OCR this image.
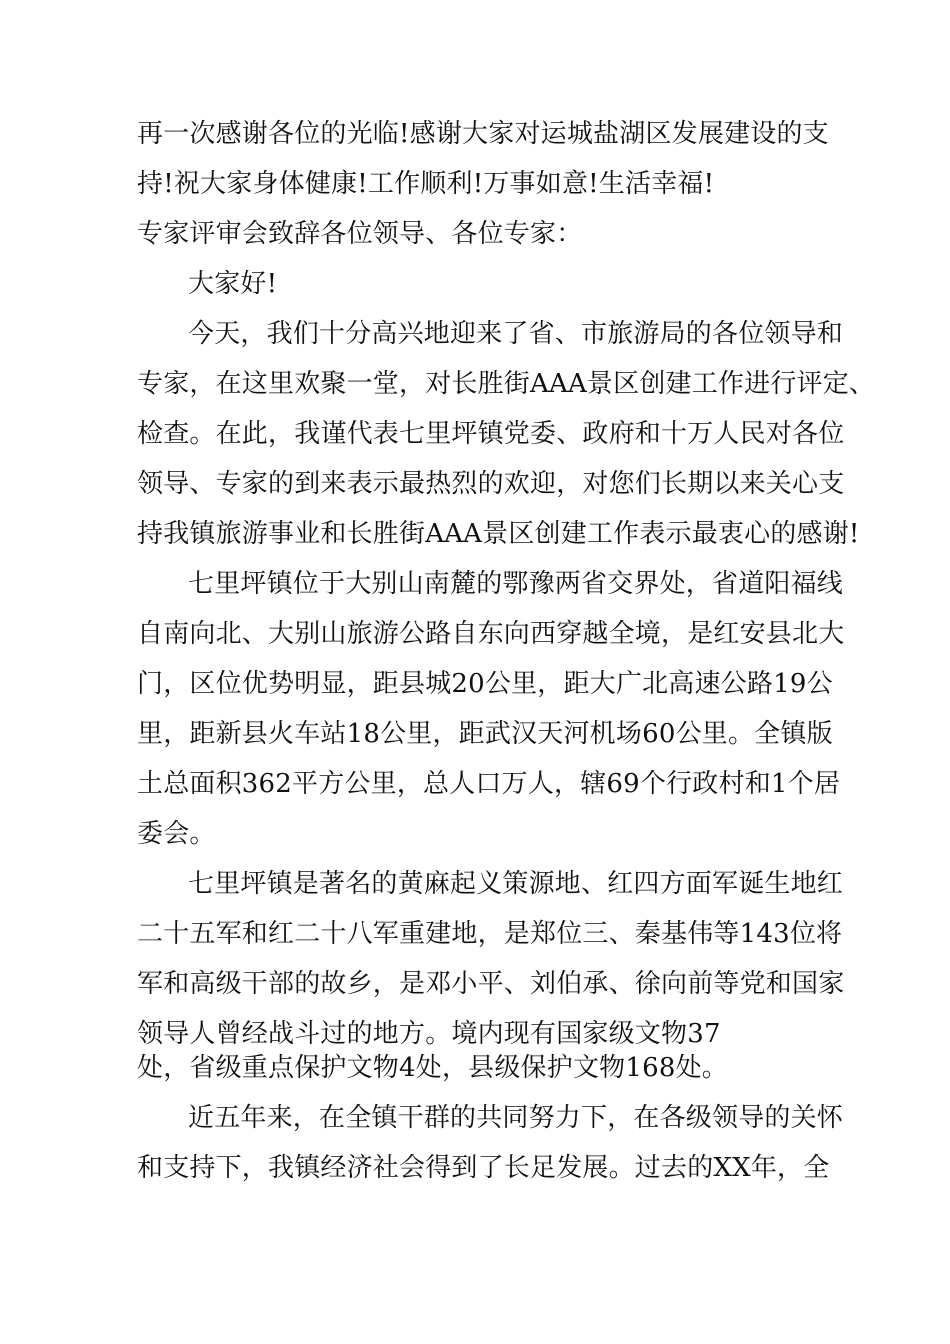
再一次感谢各位的光临!感谢大家对运城盐湖区发展建设的支
持!祝大家身体健康!工作顺利!万事如意!生活幸福!
专家评审会致辞各位领导、各位专家：
大家好!
今天，我们十分高兴地迎来了省、市旅游局的各位领导和
专家，在这里欢聚一堂，对长胜街AAA景区创建工作进行评定、
检查。在此，我谨代表七里坪镇党委、政府和十万人民对各位
领导、专家的到来表示最热烈的欢迎，对您们长期以来关心支
持我镇旅游事业和长胜街AAA景区创建工作表示最衷心的感谢!
七里坪镇位于大别山南麓的鄂豫两省交界处，省道阳福线
自南向北、大别山旅游公路自东向西穿越全境，是红安县北大
门，区位优势明显，距县城20公里，距大广北高速公路19公
里，距新县火车站18公里，距武汉天河机场60公里。全镇版
土总面积362平方公里，总人口万人，辖69个行政村和1个居
委会。
七里坪镇是著名的黄麻起义策源地、红四方面军诞生地红
二十五军和红二十八军重建地，是郑位三、秦基伟等143位将
军和高级干部的故乡，是邓小平、刘伯承、徐向前等党和国家
领导人曾经战斗过的地方。境内现有国家级文物37
处，省级重点保护文物4处，县级保护文物168处。
近五年来，在全镇干群的共同努力下，在各级领导的关怀
和支持下，我镇经济社会得到了长足发展。过去的XX年，全
